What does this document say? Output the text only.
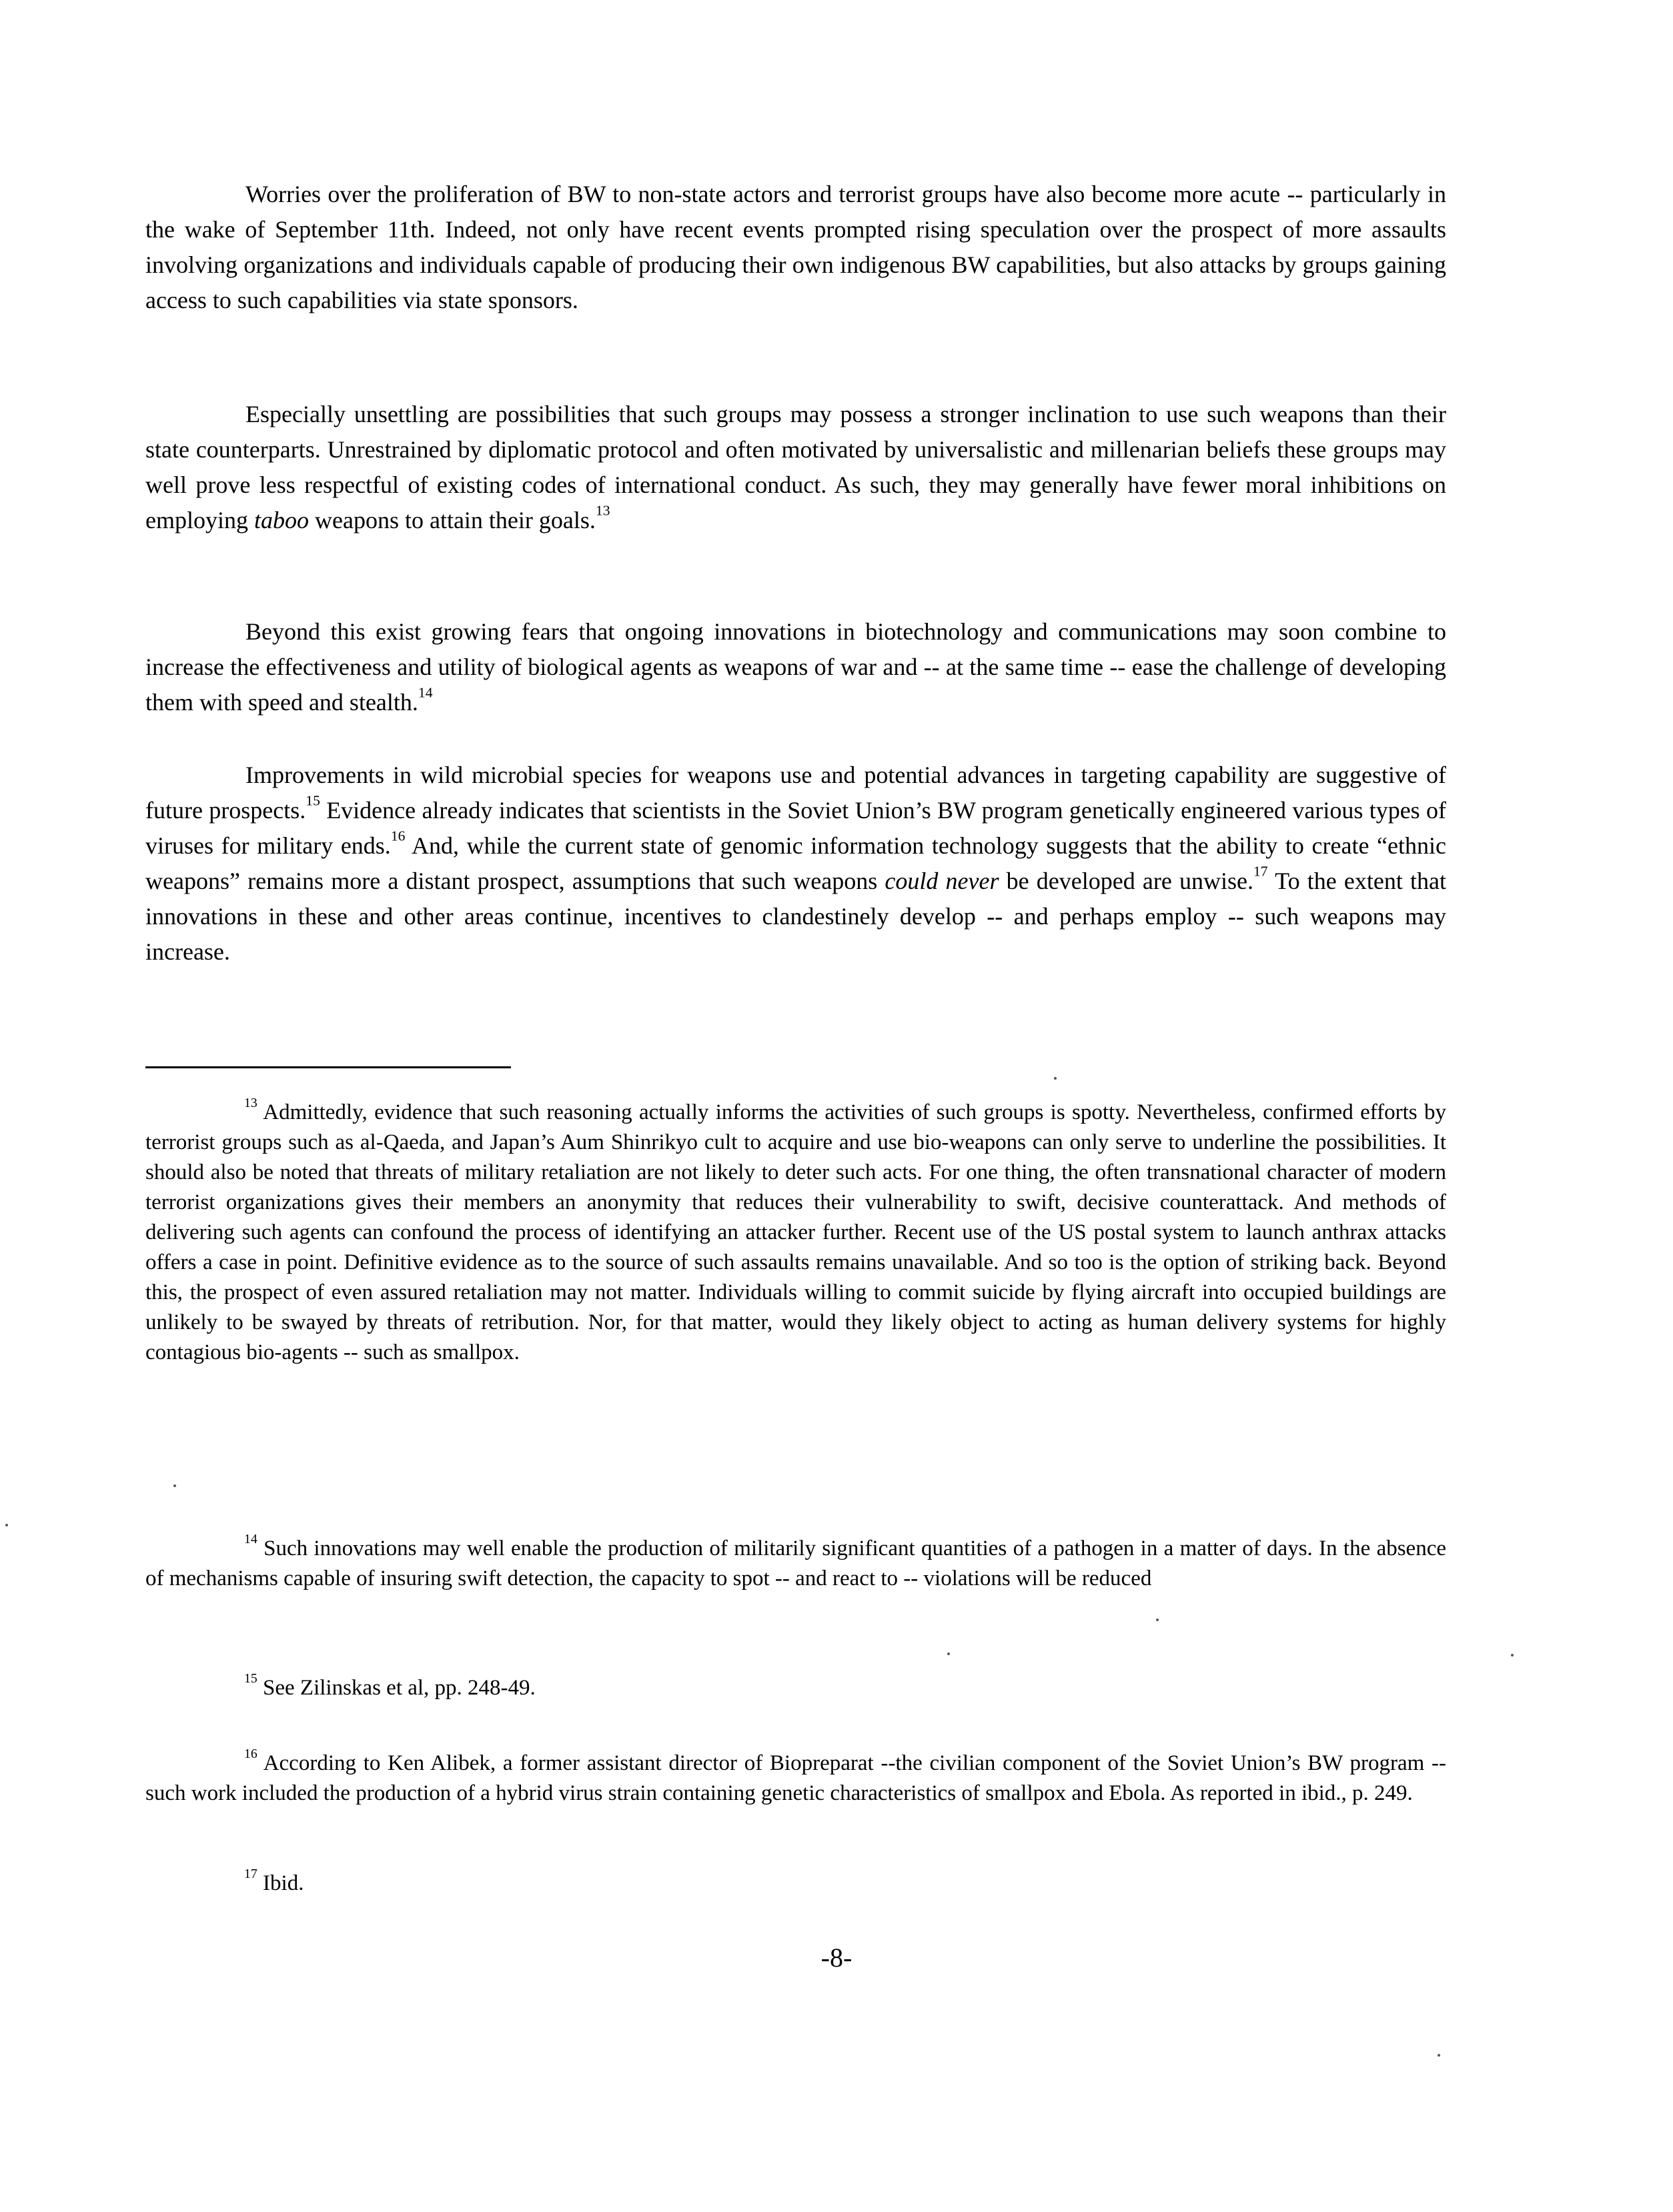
Worries over the proliferation of BW to non-state actors and terrorist groups have also become more acute -- particularly in the wake of September 11th. Indeed, not only have recent events prompted rising speculation over the prospect of more assaults involving organizations and individuals capable of producing their own indigenous BW capabilities, but also attacks by groups gaining access to such capabilities via state sponsors.

Especially unsettling are possibilities that such groups may possess a stronger inclination to use such weapons than their state counterparts. Unrestrained by diplomatic protocol and often motivated by universalistic and millenarian beliefs these groups may well prove less respectful of existing codes of international conduct. As such, they may generally have fewer moral inhibitions on employing taboo weapons to attain their goals.$^{13}$

Beyond this exist growing fears that ongoing innovations in biotechnology and communications may soon combine to increase the effectiveness and utility of biological agents as weapons of war and -- at the same time -- ease the challenge of developing them with speed and stealth.$^{14}$

Improvements in wild microbial species for weapons use and potential advances in targeting capability are suggestive of future prospects.$^{15}$ Evidence already indicates that scientists in the Soviet Union’s BW program genetically engineered various types of viruses for military ends.$^{16}$ And, while the current state of genomic information technology suggests that the ability to create “ethnic weapons” remains more a distant prospect, assumptions that such weapons could never be developed are unwise.$^{17}$ To the extent that innovations in these and other areas continue, incentives to clandestinely develop -- and perhaps employ -- such weapons may increase.

$^{13}$ Admittedly, evidence that such reasoning actually informs the activities of such groups is spotty. Nevertheless, confirmed efforts by terrorist groups such as al-Qaeda, and Japan’s Aum Shinrikyo cult to acquire and use bio-weapons can only serve to underline the possibilities. It should also be noted that threats of military retaliation are not likely to deter such acts. For one thing, the often transnational character of modern terrorist organizations gives their members an anonymity that reduces their vulnerability to swift, decisive counterattack. And methods of delivering such agents can confound the process of identifying an attacker further. Recent use of the US postal system to launch anthrax attacks offers a case in point. Definitive evidence as to the source of such assaults remains unavailable. And so too is the option of striking back. Beyond this, the prospect of even assured retaliation may not matter. Individuals willing to commit suicide by flying aircraft into occupied buildings are unlikely to be swayed by threats of retribution. Nor, for that matter, would they likely object to acting as human delivery systems for highly contagious bio-agents -- such as smallpox.

$^{14}$ Such innovations may well enable the production of militarily significant quantities of a pathogen in a matter of days. In the absence of mechanisms capable of insuring swift detection, the capacity to spot -- and react to -- violations will be reduced

$^{15}$ See Zilinskas et al, pp. 248-49.

$^{16}$ According to Ken Alibek, a former assistant director of Biopreparat --the civilian component of the Soviet Union’s BW program -- such work included the production of a hybrid virus strain containing genetic characteristics of smallpox and Ebola. As reported in ibid., p. 249.

$^{17}$ Ibid.

-8-
